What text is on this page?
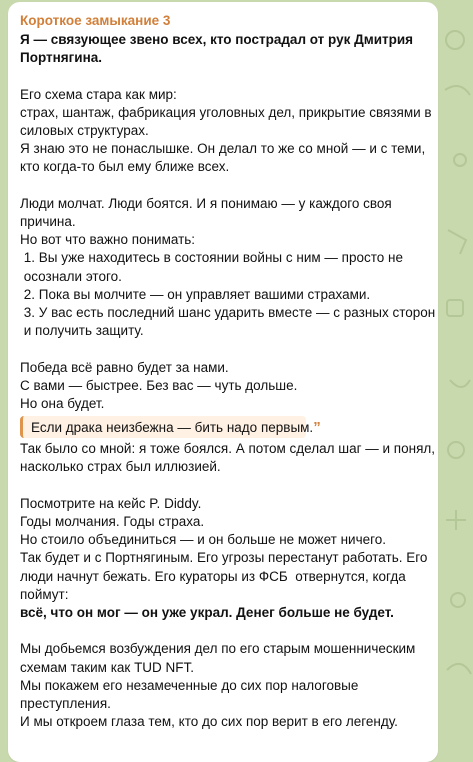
Короткое замыкание 3

Я — связующее звено всех, кто пострадал от рук Дмитрия

Портнягина.

Его схема стара как мир:

страх, шантаж, фабрикация уголовных дел, прикрытие связями в

силовых структурах.

Я знаю это не понаслышке. Он делал то же со мной — и с теми,

кто когда-то был ему ближе всех.

Люди молчат. Люди боятся. И я понимаю — у каждого своя

причина.

Но вот что важно понимать:

1. Вы уже находитесь в состоянии войны с ним — просто не

осознали этого.

2. Пока вы молчите — он управляет вашими страхами.

3. У вас есть последний шанс ударить вместе — с разных сторон

и получить защиту.

Победа всё равно будет за нами.

С вами — быстрее. Без вас — чуть дольше.

Но она будет.

Если драка неизбежна — бить надо первым. ”

Так было со мной: я тоже боялся. А потом сделал шаг — и понял,

насколько страх был иллюзией.

Посмотрите на кейс P. Diddy.

Годы молчания. Годы страха.

Но стоило объединиться — и он больше не может ничего.

Так будет и с Портнягиным. Его угрозы перестанут работать. Его

люди начнут бежать. Его кураторы из ФСБ  отвернутся, когда

поймут:

всё, что он мог — он уже украл. Денег больше не будет.

Мы добьемся возбуждения дел по его старым мошенническим

схемам таким как TUD NFT.

Мы покажем его незамеченные до сих пор налоговые

преступления.

И мы откроем глаза тем, кто до сих пор верит в его легенду.
